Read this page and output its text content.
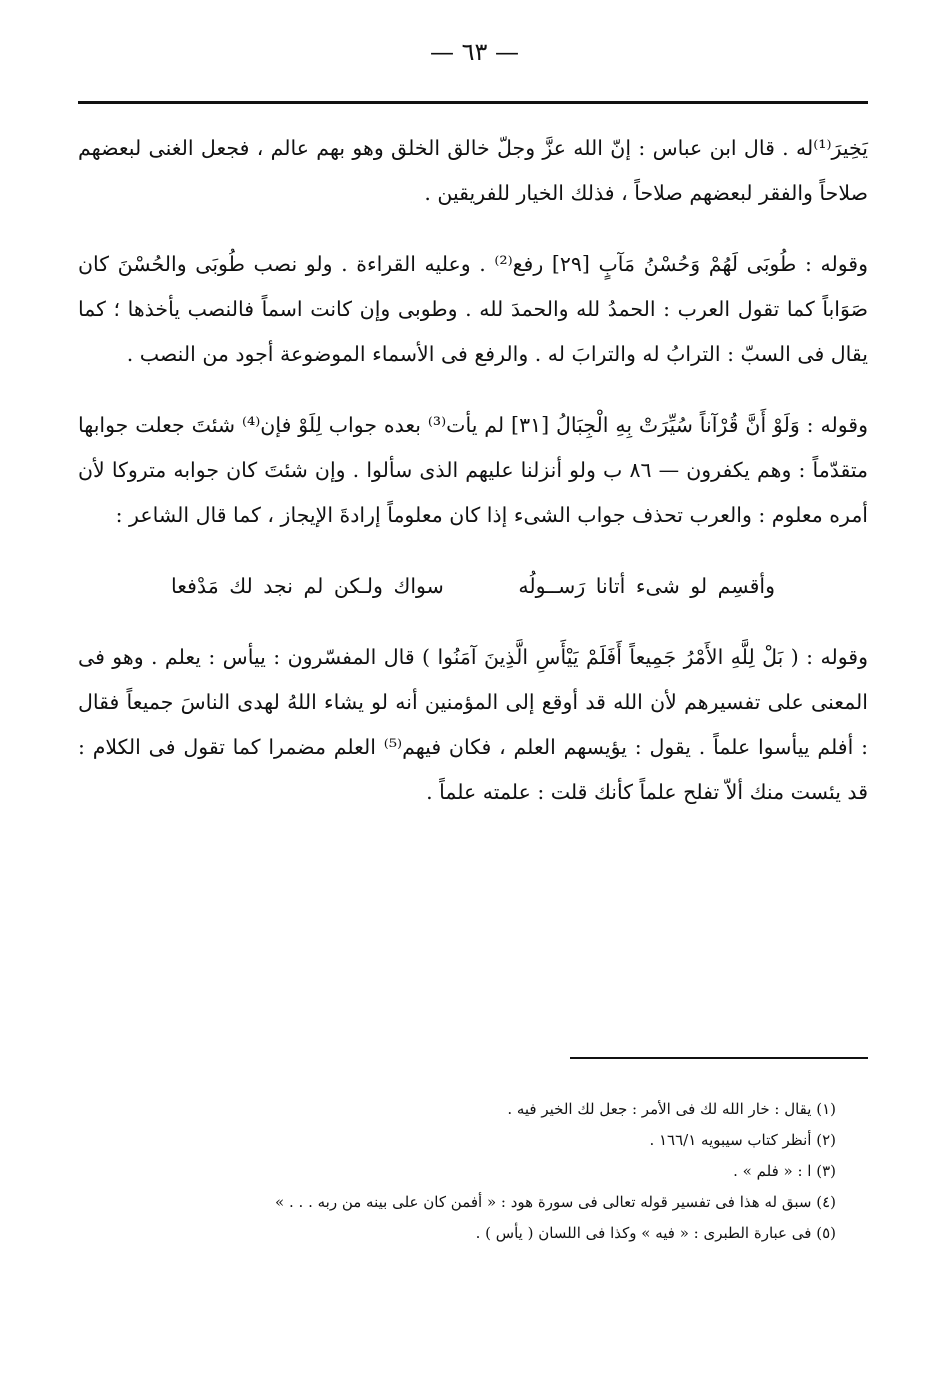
— ٦٣ —

يَخِيرَ⁽¹⁾له . قال ابن عباس : إنّ الله عزَّ وجلّ خالق الخلق وهو بهم عالم ، فجعل الغنى لبعضهم صلاحاً والفقر لبعضهم صلاحاً ، فذلك الخيار للفريقين .

وقوله : طُوبَى لَهُمْ وَحُسْنُ مَآبٍ [٢٩] رفع⁽²⁾ . وعليه القراءة . ولو نصب طُوبَى والحُسْنَ كان صَوَاباً كما تقول العرب : الحمدُ لله والحمدَ لله . وطوبى وإن كانت اسماً فالنصب يأخذها ؛ كما يقال فى السبّ : الترابُ له والترابَ له . والرفع فى الأسماء الموضوعة أجود من النصب .

وقوله : وَلَوْ أَنَّ قُرْآناً سُيِّرَتْ بِهِ الْجِبَالُ [٣١] لم يأت⁽³⁾ بعده جواب لِلَوْ فإن⁽⁴⁾ شئتَ جعلت جوابها متقدّماً : وهم يكفرون — ٨٦ ب ولو أنزلنا عليهم الذى سألوا . وإن شئتَ كان جوابه متروكا لأن أمره معلوم : والعرب تحذف جواب الشىء إذا كان معلوماً إرادةَ الإيجاز ، كما قال الشاعر :

وأقسِم لو شىء أتانا رَســولُه سواك ولـكن لم نجد لك مَدْفعا

وقوله : ( بَلْ لِلَّهِ الأَمْرُ جَمِيعاً أَفَلَمْ يَيْأَسِ الَّذِينَ آمَنُوا ) قال المفسّرون : ييأس : يعلم . وهو فى المعنى على تفسيرهم لأن الله قد أوقع إلى المؤمنين أنه لو يشاء اللهُ لهدى الناسَ جميعاً فقال : أفلم ييأسوا علماً . يقول : يؤيسهم العلم ، فكان فيهم⁽⁵⁾ العلم مضمرا كما تقول فى الكلام : قد يئست منك ألاّ تفلح علماً كأنك قلت : علمته علماً .

(١) يقال : خار الله لك فى الأمر : جعل لك الخير فيه .

(٢) أنظر كتاب سيبويه ١٦٦/١ .

(٣) ا : « فلم » .

(٤) سبق له هذا فى تفسير قوله تعالى فى سورة هود : « أفمن كان على بينه من ربه . . . »

(٥) فى عبارة الطبرى : « فيه » وكذا فى اللسان ( يأس ) .
